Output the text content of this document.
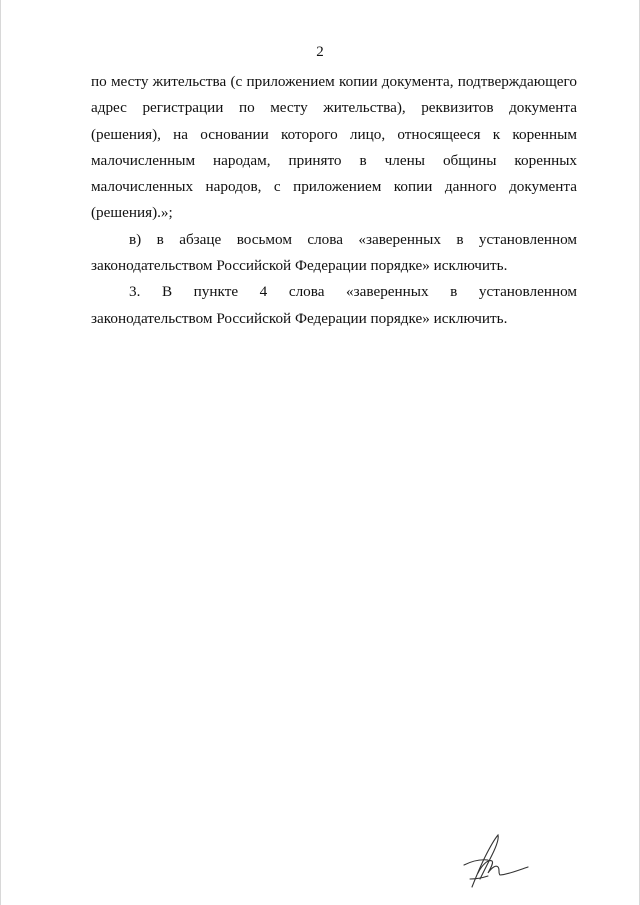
2

по месту жительства (с приложением копии документа, подтверждающего адрес регистрации по месту жительства), реквизитов документа (решения), на основании которого лицо, относящееся к коренным малочисленным народам, принято в члены общины коренных малочисленных народов, с приложением копии данного документа (решения).»;

в) в абзаце восьмом слова «заверенных в установленном законодательством Российской Федерации порядке» исключить.

3. В пункте 4 слова «заверенных в установленном законодательством Российской Федерации порядке» исключить.
